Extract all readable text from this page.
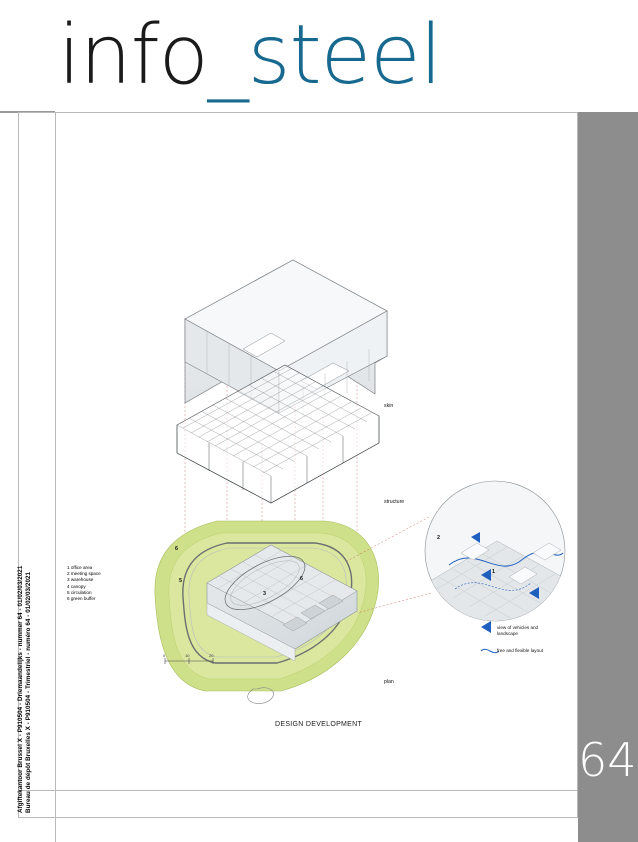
info_steel
64
Afgiftekantoor Brussel X - P910504 - Driemaandelijks - nummer 64 - 01/02/03/2021 Bureau de dépôt Bruxelles X - P910504 - Trimestriel - numéro 64 - 01/02/03/2021
skin
structure
plan
1 office area
2 meeting space
3 warehouse
4 canopy
5 circulation
6 green buffer
view of vehicles and
landscape
free and flexible layout
0	10	20
6
5
3
6
2
1
DESIGN DEVELOPMENT
